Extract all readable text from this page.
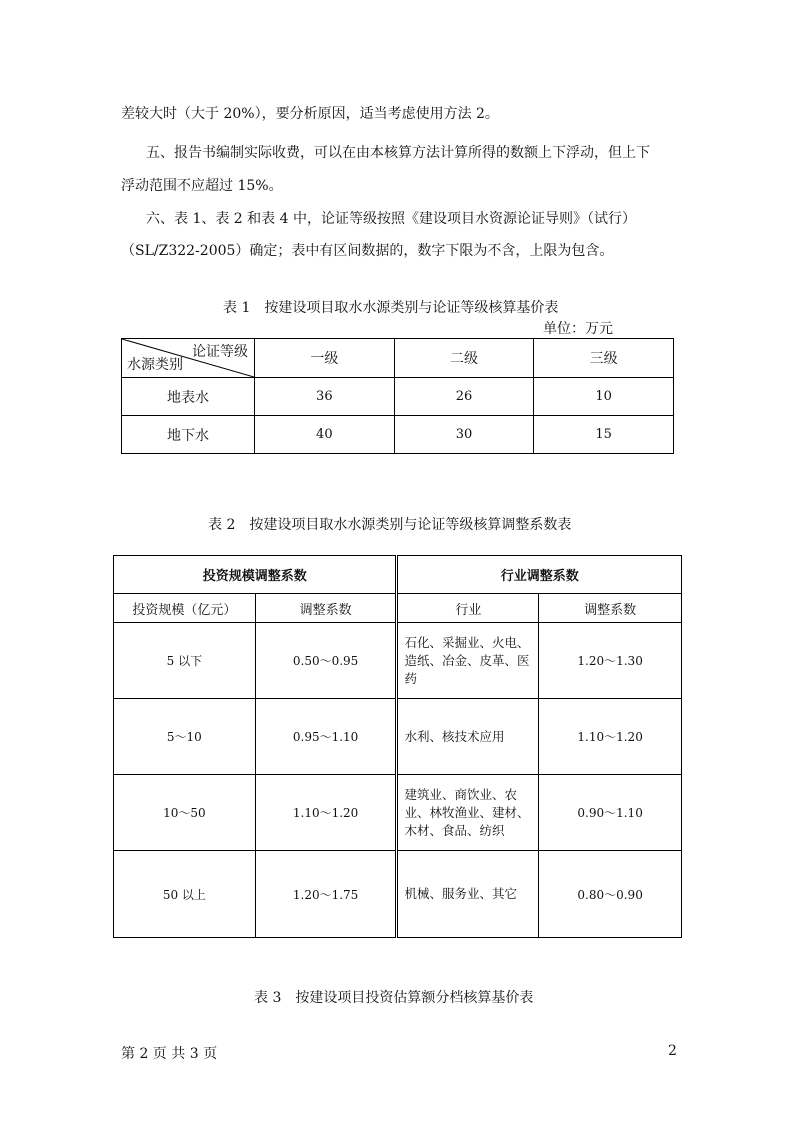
差较大时（大于 20%），要分析原因，适当考虑使用方法 2。

五、报告书编制实际收费，可以在由本核算方法计算所得的数额上下浮动，但上下

浮动范围不应超过 15%。

六、表 1、表 2 和表 4 中，论证等级按照《建设项目水资源论证导则》（试行）

（SL/Z322-2005）确定；表中有区间数据的，数字下限为不含，上限为包含。

表 1　按建设项目取水水源类别与论证等级核算基价表
单位：万元
论证等级
水源类别	一级	二级	三级
地表水	36	26	10
地下水	40	30	15
表 2　按建设项目取水水源类别与论证等级核算调整系数表
投资规模调整系数		行业调整系数	
投资规模（亿元）	调整系数	行业	调整系数
5 以下	0.50～0.95	石化、采掘业、火电、造纸、冶金、皮革、医药	1.20～1.30
5～10	0.95～1.10	水利、核技术应用	1.10～1.20
10～50	1.10～1.20	建筑业、商饮业、农业、林牧渔业、建材、木材、食品、纺织	0.90～1.10
50 以上	1.20～1.75	机械、服务业、其它	0.80～0.90
表 3　按建设项目投资估算额分档核算基价表
第 2 页 共 3 页	2
